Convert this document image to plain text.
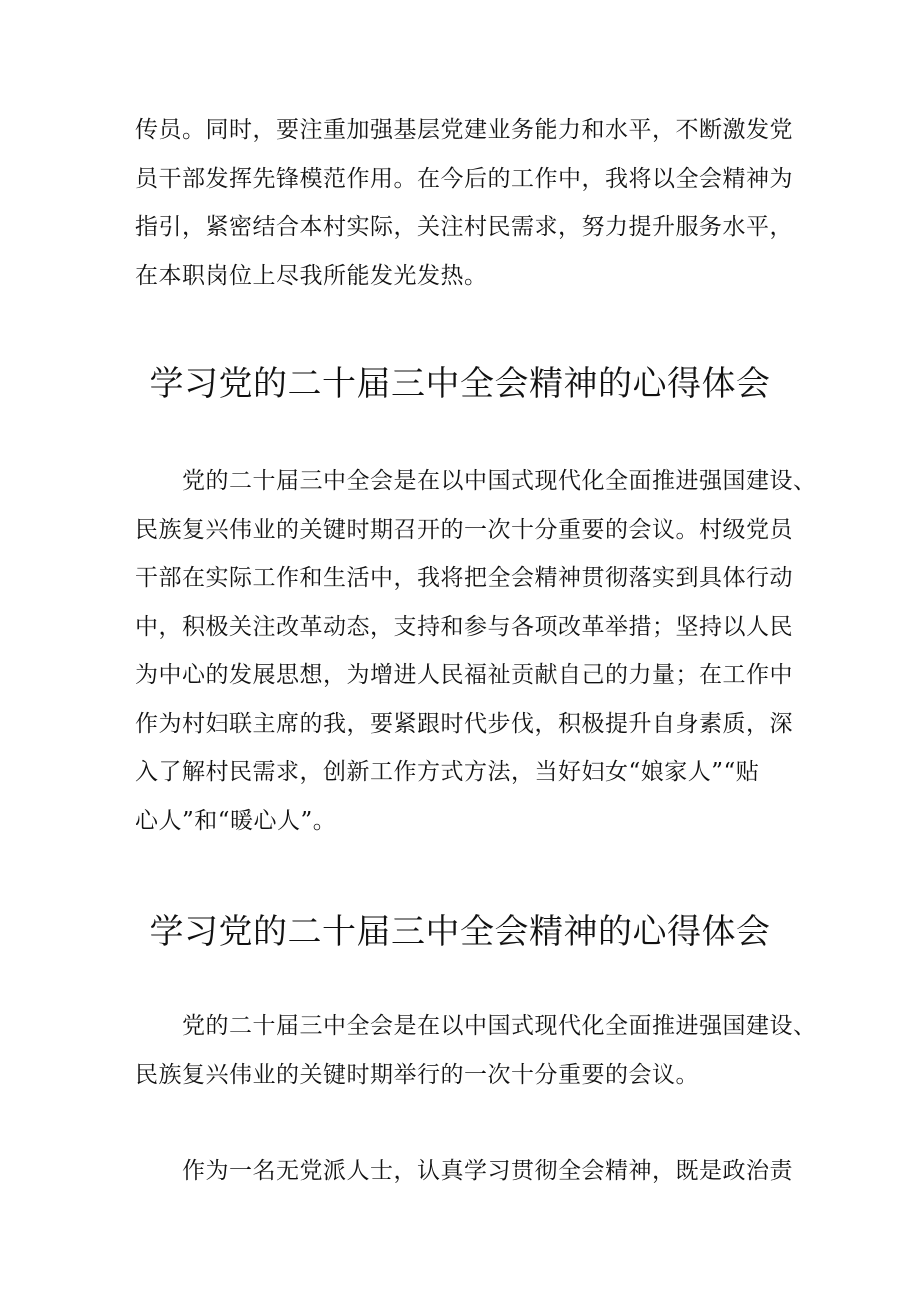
传员。同时，要注重加强基层党建业务能力和水平，不断激发党
员干部发挥先锋模范作用。在今后的工作中，我将以全会精神为
指引，紧密结合本村实际，关注村民需求，努力提升服务水平，
在本职岗位上尽我所能发光发热。
学习党的二十届三中全会精神的心得体会
党的二十届三中全会是在以中国式现代化全面推进强国建设、
民族复兴伟业的关键时期召开的一次十分重要的会议。村级党员
干部在实际工作和生活中，我将把全会精神贯彻落实到具体行动
中，积极关注改革动态，支持和参与各项改革举措；坚持以人民
为中心的发展思想，为增进人民福祉贡献自己的力量；在工作中
作为村妇联主席的我，要紧跟时代步伐，积极提升自身素质，深
入了解村民需求，创新工作方式方法，当好妇女“娘家人”“贴
心人”和“暖心人”。
学习党的二十届三中全会精神的心得体会
党的二十届三中全会是在以中国式现代化全面推进强国建设、
民族复兴伟业的关键时期举行的一次十分重要的会议。
作为一名无党派人士，认真学习贯彻全会精神，既是政治责
